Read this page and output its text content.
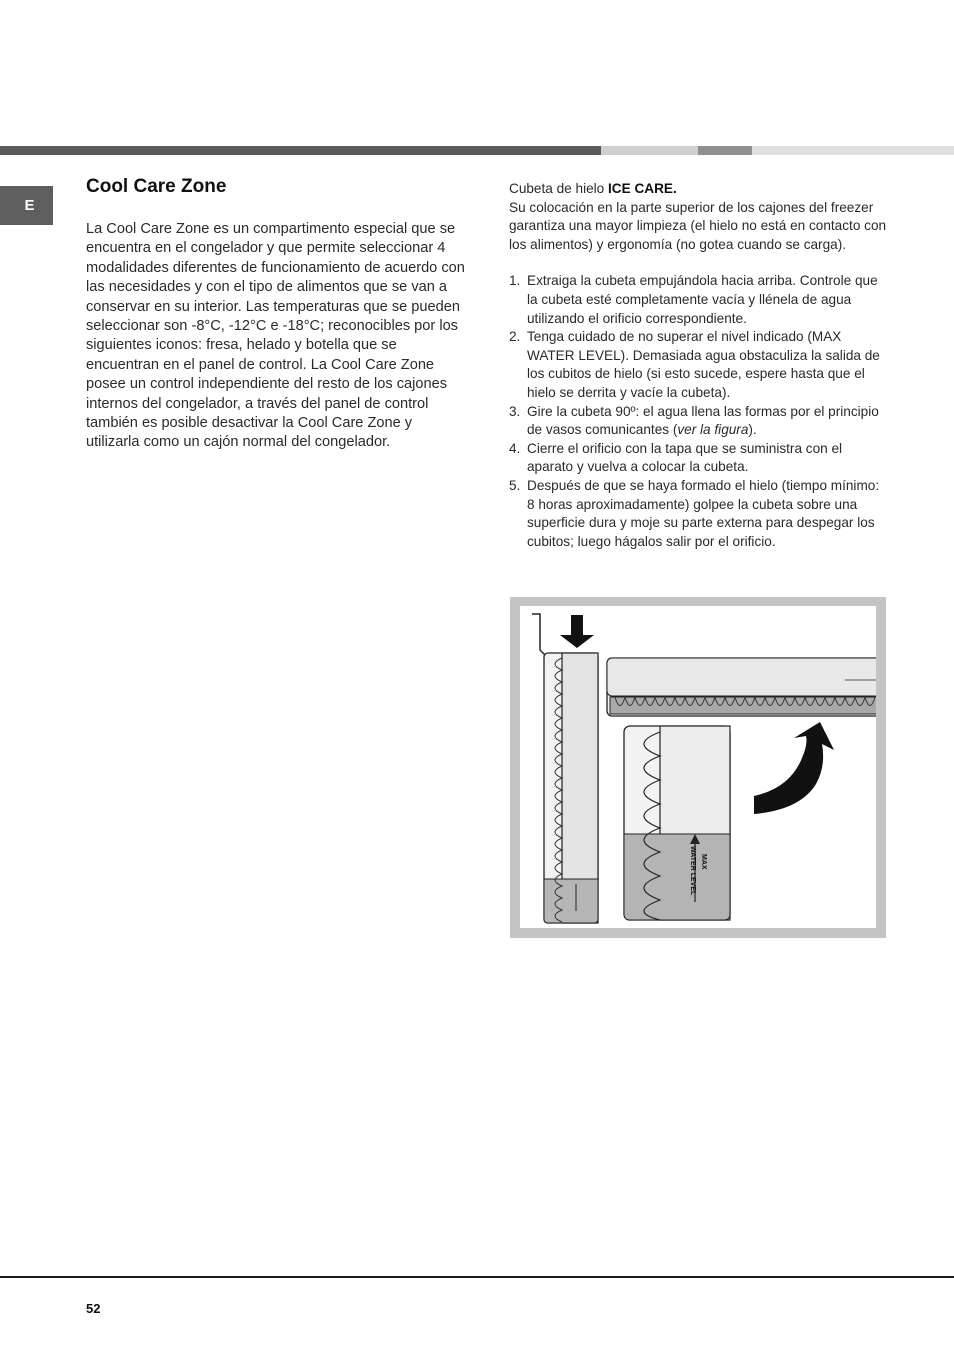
E
Cool Care Zone

La Cool Care Zone es un compartimento especial que se encuentra en el congelador y que permite seleccionar 4 modalidades diferentes de funcionamiento de acuerdo con las necesidades y con el tipo de alimentos que se van a conservar en su interior. Las temperaturas que se pueden seleccionar son -8°C, -12°C e -18°C; reconocibles por los siguientes iconos: fresa, helado y botella que se encuentran en el panel de control. La Cool Care Zone posee un control independiente del resto de los cajones internos del congelador, a través del panel de control también es posible desactivar la Cool Care Zone y utilizarla como un cajón normal del congelador.

Cubeta de hielo ICE CARE.
Su colocación en la parte superior de los cajones del freezer garantiza una mayor limpieza (el hielo no está en contacto con los alimentos) y ergonomía (no gotea cuando se carga).

1. Extraiga la cubeta empujándola hacia arriba. Controle que la cubeta esté completamente vacía y llénela de agua utilizando el orificio correspondiente.
2. Tenga cuidado de no superar el nivel indicado (MAX WATER LEVEL). Demasiada agua obstaculiza la salida de los cubitos de hielo (si esto sucede, espere hasta que el hielo se derrita y vacíe la cubeta).
3. Gire la cubeta 90º: el agua llena las formas por el principio de vasos comunicantes (ver la figura).
4. Cierre el orificio con la tapa que se suministra con el aparato y vuelva a colocar la cubeta.
5. Después de que se haya formado el hielo (tiempo mínimo: 8 horas aproximadamente) golpee la cubeta sobre una superficie dura y moje su parte externa para despegar los cubitos; luego hágalos salir por el orificio.
MAX
WATER LEVEL
52
